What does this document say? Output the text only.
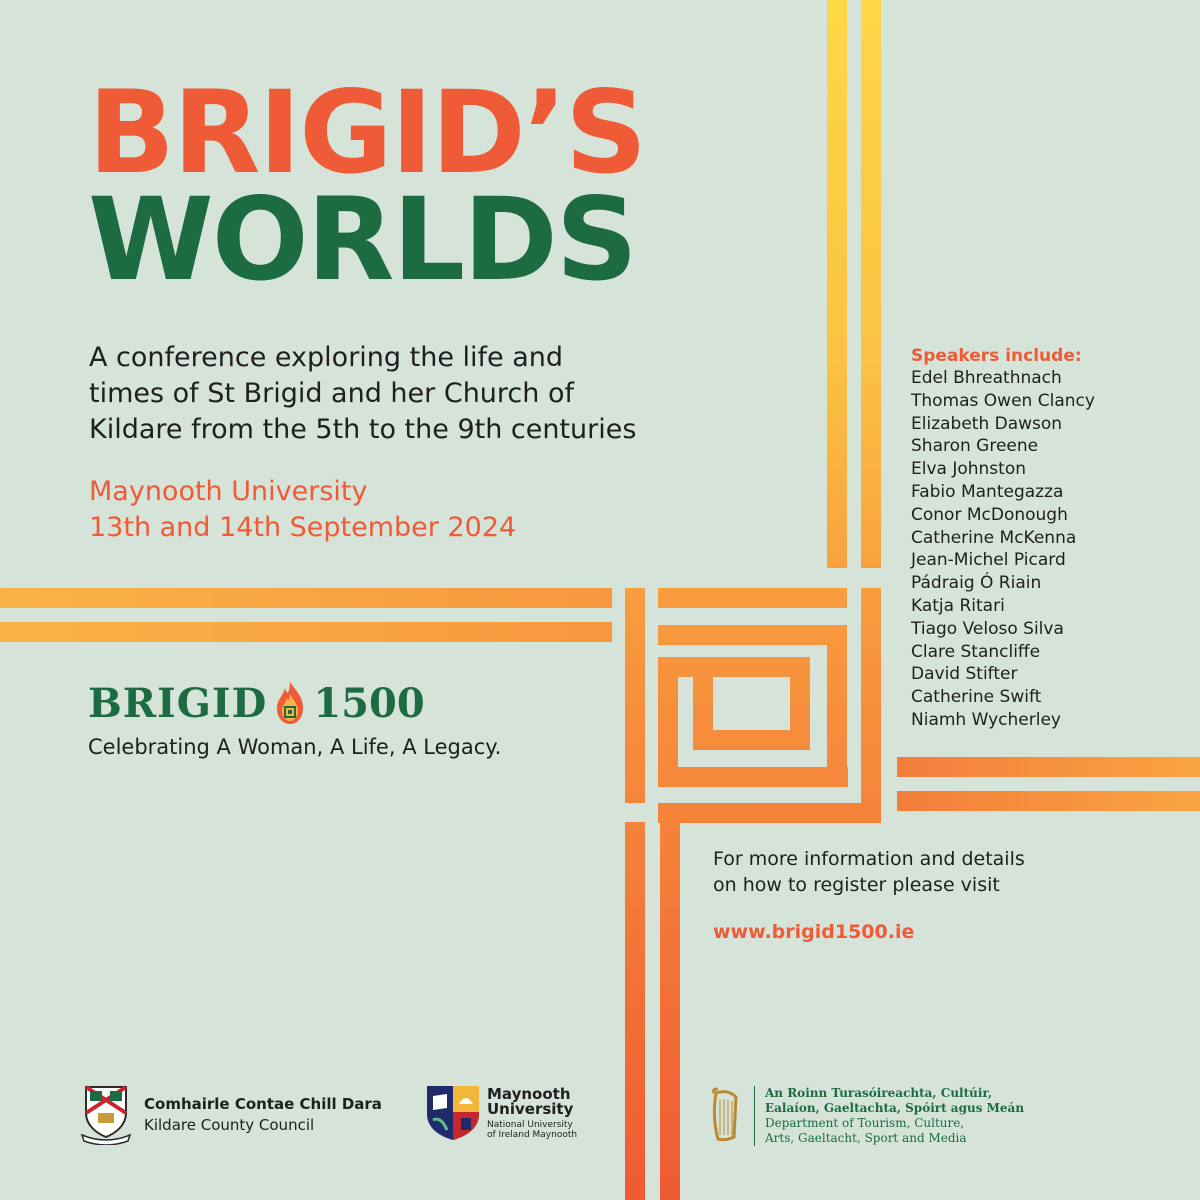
BRIGID’S
WORLDS
A conference exploring the life and
times of St Brigid and her Church of
Kildare from the 5th to the 9th centuries
Maynooth University
13th and 14th September 2024
Speakers include:
Edel Bhreathnach
Thomas Owen Clancy
Elizabeth Dawson
Sharon Greene
Elva Johnston
Fabio Mantegazza
Conor McDonough
Catherine McKenna
Jean-Michel Picard
Pádraig Ó Riain
Katja Ritari
Tiago Veloso Silva
Clare Stancliffe
David Stifter
Catherine Swift
Niamh Wycherley
BRIGID 1500
Celebrating A Woman, A Life, A Legacy.
For more information and details
on how to register please visit
www.brigid1500.ie
Comhairle Contae Chill Dara
Kildare County Council
Maynooth
University
National University
of Ireland Maynooth
An Roinn Turasóireachta, Cultúir,
Ealaíon, Gaeltachta, Spóirt agus Meán
Department of Tourism, Culture,
Arts, Gaeltacht, Sport and Media
